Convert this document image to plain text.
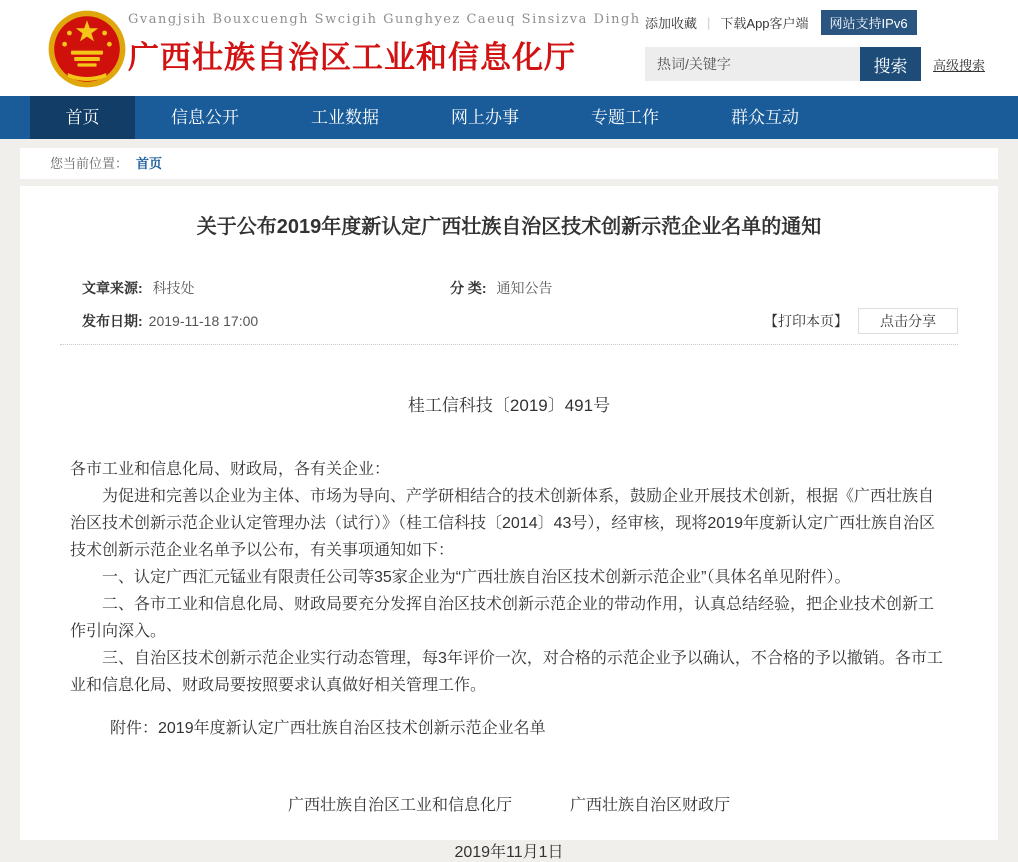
Gvangjsih Bouxcuengh Swcigih Gunghyez Caeuq Sinsizva Dingh
广西壮族自治区工业和信息化厅
添加收藏 | 下载App客户端	网站支持IPv6
热词/关键字
搜索	高级搜索
首页	信息公开	工业数据	网上办事	专题工作	群众互动
您当前位置： 首页
关于公布2019年度新认定广西壮族自治区技术创新示范企业名单的通知
文章来源: 科技处	分 类: 通知公告
发布日期: 2019-11-18 17:00	【打印本页】	点击分享
桂工信科技〔2019〕491号

各市工业和信息化局、财政局，各有关企业：

为促进和完善以企业为主体、市场为导向、产学研相结合的技术创新体系，鼓励企业开展技术创新，根据《广西壮族自治区技术创新示范企业认定管理办法（试行）》（桂工信科技〔2014〕43号），经审核，现将2019年度新认定广西壮族自治区技术创新示范企业名单予以公布，有关事项通知如下：

一、认定广西汇元锰业有限责任公司等35家企业为“广西壮族自治区技术创新示范企业”（具体名单见附件）。

二、各市工业和信息化局、财政局要充分发挥自治区技术创新示范企业的带动作用，认真总结经验，把企业技术创新工作引向深入。

三、自治区技术创新示范企业实行动态管理，每3年评价一次，对合格的示范企业予以确认，不合格的予以撤销。各市工业和信息化局、财政局要按照要求认真做好相关管理工作。

附件：2019年度新认定广西壮族自治区技术创新示范企业名单
广西壮族自治区工业和信息化厅	广西壮族自治区财政厅
2019年11月1日
